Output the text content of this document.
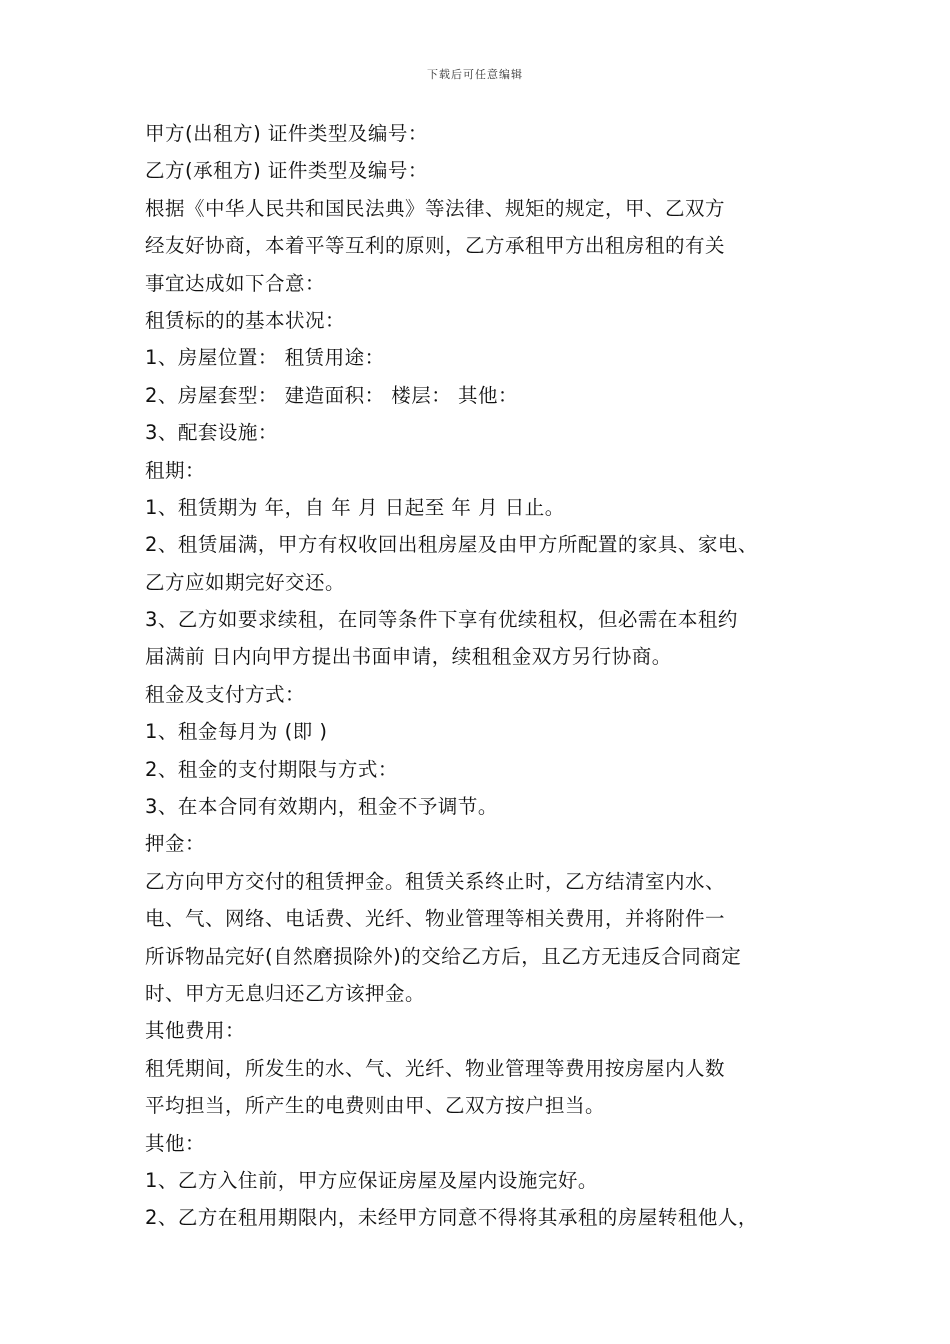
下载后可任意编辑
甲方(出租方) 证件类型及编号：
乙方(承租方) 证件类型及编号：
根据《中华人民共和国民法典》等法律、规矩的规定，甲、乙双方
经友好协商，本着平等互利的原则，乙方承租甲方出租房租的有关
事宜达成如下合意：
租赁标的的基本状况：
1、房屋位置： 租赁用途：
2、房屋套型： 建造面积： 楼层： 其他：
3、配套设施：
租期：
1、租赁期为 年，自 年 月 日起至 年 月 日止。
2、租赁届满，甲方有权收回出租房屋及由甲方所配置的家具、家电、
乙方应如期完好交还。
3、乙方如要求续租，在同等条件下享有优续租权，但必需在本租约
届满前 日内向甲方提出书面申请，续租租金双方另行协商。
租金及支付方式：
1、租金每月为 (即 )
2、租金的支付期限与方式：
3、在本合同有效期内，租金不予调节。
押金：
乙方向甲方交付的租赁押金。租赁关系终止时，乙方结清室内水、
电、气、网络、电话费、光纤、物业管理等相关费用，并将附件一
所诉物品完好(自然磨损除外)的交给乙方后，且乙方无违反合同商定
时、甲方无息归还乙方该押金。
其他费用：
租凭期间，所发生的水、气、光纤、物业管理等费用按房屋内人数
平均担当，所产生的电费则由甲、乙双方按户担当。
其他：
1、乙方入住前，甲方应保证房屋及屋内设施完好。
2、乙方在租用期限内，未经甲方同意不得将其承租的房屋转租他人，
